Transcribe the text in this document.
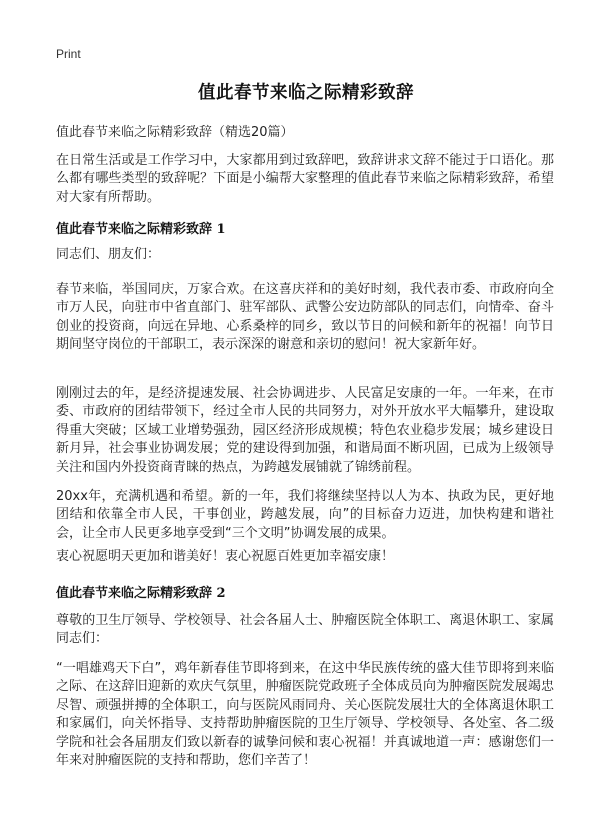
Print
值此春节来临之际精彩致辞
值此春节来临之际精彩致辞（精选20篇）
在日常生活或是工作学习中，大家都用到过致辞吧，致辞讲求文辞不能过于口语化。那么都有哪些类型的致辞呢？下面是小编帮大家整理的值此春节来临之际精彩致辞，希望对大家有所帮助。
值此春节来临之际精彩致辞 1
同志们、朋友们：
春节来临，举国同庆，万家合欢。在这喜庆祥和的美好时刻，我代表市委、市政府向全市万人民，向驻市中省直部门、驻军部队、武警公安边防部队的同志们，向情牵、奋斗创业的投资商，向远在异地、心系桑梓的同乡，致以节日的问候和新年的祝福！向节日期间坚守岗位的干部职工，表示深深的谢意和亲切的慰问！祝大家新年好。
刚刚过去的年，是经济提速发展、社会协调进步、人民富足安康的一年。一年来，在市委、市政府的团结带领下，经过全市人民的共同努力，对外开放水平大幅攀升，建设取得重大突破；区域工业增势强劲，园区经济形成规模；特色农业稳步发展；城乡建设日新月异，社会事业协调发展；党的建设得到加强，和谐局面不断巩固，已成为上级领导关注和国内外投资商青睐的热点，为跨越发展铺就了锦绣前程。
20xx年，充满机遇和希望。新的一年，我们将继续坚持以人为本、执政为民，更好地团结和依靠全市人民，干事创业，跨越发展，向”的目标奋力迈进，加快构建和谐社会，让全市人民更多地享受到“三个文明”协调发展的成果。
衷心祝愿明天更加和谐美好！衷心祝愿百姓更加幸福安康！
值此春节来临之际精彩致辞 2
尊敬的卫生厅领导、学校领导、社会各届人士、肿瘤医院全体职工、离退休职工、家属同志们：
“一唱雄鸡天下白”，鸡年新春佳节即将到来，在这中华民族传统的盛大佳节即将到来临之际、在这辞旧迎新的欢庆气氛里，肿瘤医院党政班子全体成员向为肿瘤医院发展竭忠尽智、顽强拼搏的全体职工，向与医院风雨同舟、关心医院发展壮大的全体离退休职工和家属们，向关怀指导、支持帮助肿瘤医院的卫生厅领导、学校领导、各处室、各二级学院和社会各届朋友们致以新春的诚挚问候和衷心祝福！并真诚地道一声：感谢您们一年来对肿瘤医院的支持和帮助，您们辛苦了！
